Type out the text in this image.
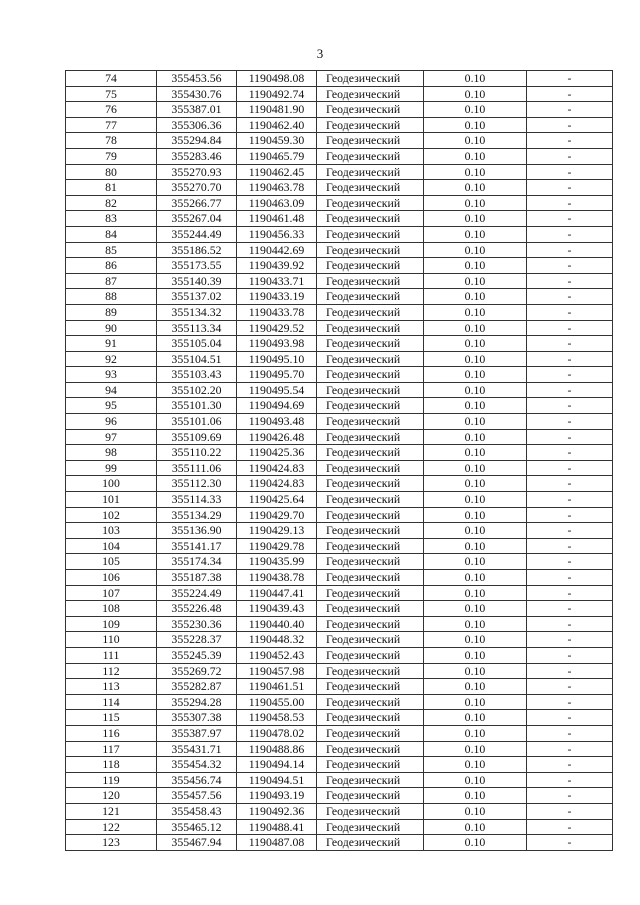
3
74	355453.56	1190498.08	Геодезический	0.10	-
75	355430.76	1190492.74	Геодезический	0.10	-
76	355387.01	1190481.90	Геодезический	0.10	-
77	355306.36	1190462.40	Геодезический	0.10	-
78	355294.84	1190459.30	Геодезический	0.10	-
79	355283.46	1190465.79	Геодезический	0.10	-
80	355270.93	1190462.45	Геодезический	0.10	-
81	355270.70	1190463.78	Геодезический	0.10	-
82	355266.77	1190463.09	Геодезический	0.10	-
83	355267.04	1190461.48	Геодезический	0.10	-
84	355244.49	1190456.33	Геодезический	0.10	-
85	355186.52	1190442.69	Геодезический	0.10	-
86	355173.55	1190439.92	Геодезический	0.10	-
87	355140.39	1190433.71	Геодезический	0.10	-
88	355137.02	1190433.19	Геодезический	0.10	-
89	355134.32	1190433.78	Геодезический	0.10	-
90	355113.34	1190429.52	Геодезический	0.10	-
91	355105.04	1190493.98	Геодезический	0.10	-
92	355104.51	1190495.10	Геодезический	0.10	-
93	355103.43	1190495.70	Геодезический	0.10	-
94	355102.20	1190495.54	Геодезический	0.10	-
95	355101.30	1190494.69	Геодезический	0.10	-
96	355101.06	1190493.48	Геодезический	0.10	-
97	355109.69	1190426.48	Геодезический	0.10	-
98	355110.22	1190425.36	Геодезический	0.10	-
99	355111.06	1190424.83	Геодезический	0.10	-
100	355112.30	1190424.83	Геодезический	0.10	-
101	355114.33	1190425.64	Геодезический	0.10	-
102	355134.29	1190429.70	Геодезический	0.10	-
103	355136.90	1190429.13	Геодезический	0.10	-
104	355141.17	1190429.78	Геодезический	0.10	-
105	355174.34	1190435.99	Геодезический	0.10	-
106	355187.38	1190438.78	Геодезический	0.10	-
107	355224.49	1190447.41	Геодезический	0.10	-
108	355226.48	1190439.43	Геодезический	0.10	-
109	355230.36	1190440.40	Геодезический	0.10	-
110	355228.37	1190448.32	Геодезический	0.10	-
111	355245.39	1190452.43	Геодезический	0.10	-
112	355269.72	1190457.98	Геодезический	0.10	-
113	355282.87	1190461.51	Геодезический	0.10	-
114	355294.28	1190455.00	Геодезический	0.10	-
115	355307.38	1190458.53	Геодезический	0.10	-
116	355387.97	1190478.02	Геодезический	0.10	-
117	355431.71	1190488.86	Геодезический	0.10	-
118	355454.32	1190494.14	Геодезический	0.10	-
119	355456.74	1190494.51	Геодезический	0.10	-
120	355457.56	1190493.19	Геодезический	0.10	-
121	355458.43	1190492.36	Геодезический	0.10	-
122	355465.12	1190488.41	Геодезический	0.10	-
123	355467.94	1190487.08	Геодезический	0.10	-
